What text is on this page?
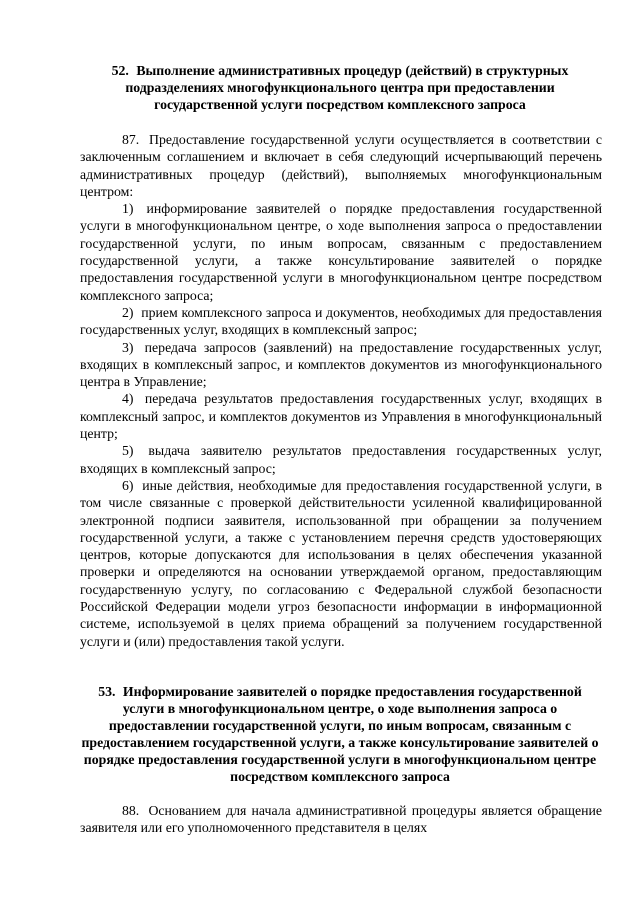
52. Выполнение административных процедур (действий) в структурных подразделениях многофункционального центра при предоставлении государственной услуги посредством комплексного запроса

87. Предоставление государственной услуги осуществляется в соответствии с заключенным соглашением и включает в себя следующий исчерпывающий перечень административных процедур (действий), выполняемых многофункциональным центром:

1) информирование заявителей о порядке предоставления государственной услуги в многофункциональном центре, о ходе выполнения запроса о предоставлении государственной услуги, по иным вопросам, связанным с предоставлением государственной услуги, а также консультирование заявителей о порядке предоставления государственной услуги в многофункциональном центре посредством комплексного запроса;

2) прием комплексного запроса и документов, необходимых для предоставления государственных услуг, входящих в комплексный запрос;

3) передача запросов (заявлений) на предоставление государственных услуг, входящих в комплексный запрос, и комплектов документов из многофункционального центра в Управление;

4) передача результатов предоставления государственных услуг, входящих в комплексный запрос, и комплектов документов из Управления в многофункциональный центр;

5) выдача заявителю результатов предоставления государственных услуг, входящих в комплексный запрос;

6) иные действия, необходимые для предоставления государственной услуги, в том числе связанные с проверкой действительности усиленной квалифицированной электронной подписи заявителя, использованной при обращении за получением государственной услуги, а также с установлением перечня средств удостоверяющих центров, которые допускаются для использования в целях обеспечения указанной проверки и определяются на основании утверждаемой органом, предоставляющим государственную услугу, по согласованию с Федеральной службой безопасности Российской Федерации модели угроз безопасности информации в информационной системе, используемой в целях приема обращений за получением государственной услуги и (или) предоставления такой услуги.

53. Информирование заявителей о порядке предоставления государственной услуги в многофункциональном центре, о ходе выполнения запроса о предоставлении государственной услуги, по иным вопросам, связанным с предоставлением государственной услуги, а также консультирование заявителей о порядке предоставления государственной услуги в многофункциональном центре посредством комплексного запроса

88. Основанием для начала административной процедуры является обращение заявителя или его уполномоченного представителя в целях
